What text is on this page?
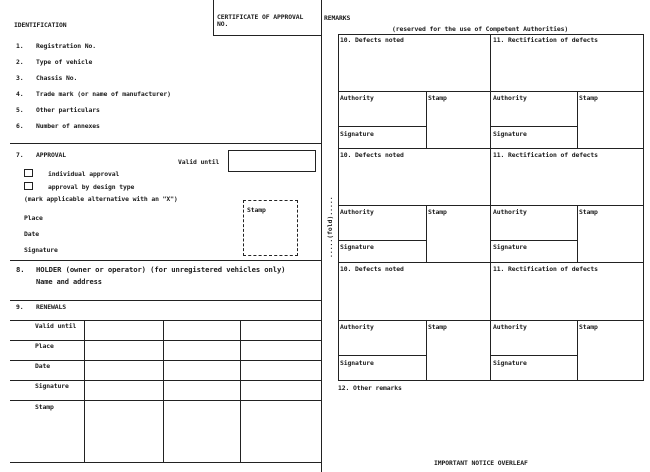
IDENTIFICATION
CERTIFICATE OF APPROVAL
NO.
1. Registration No.
2. Type of vehicle
3. Chassis No.
4. Trade mark (or name of manufacturer)
5. Other particulars
6. Number of annexes
7. APPROVAL
Valid until
individual approval
approval by design type
(mark applicable alternative with an "X")
Place
Date
Signature
Stamp
8. HOLDER (owner or operator) (for unregistered vehicles only)
Name and address
9. RENEWALS
Valid until
Place
Date
Signature
Stamp
.....(fold).....
REMARKS
(reserved for the use of Competent Authorities)
10. Defects noted	11. Rectification of defects
Authority	Stamp	Authority	Stamp
Signature	Signature
10. Defects noted	11. Rectification of defects
Authority	Stamp	Authority	Stamp
Signature	Signature
10. Defects noted	11. Rectification of defects
Authority	Stamp	Authority	Stamp
Signature	Signature
12. Other remarks
IMPORTANT NOTICE OVERLEAF
